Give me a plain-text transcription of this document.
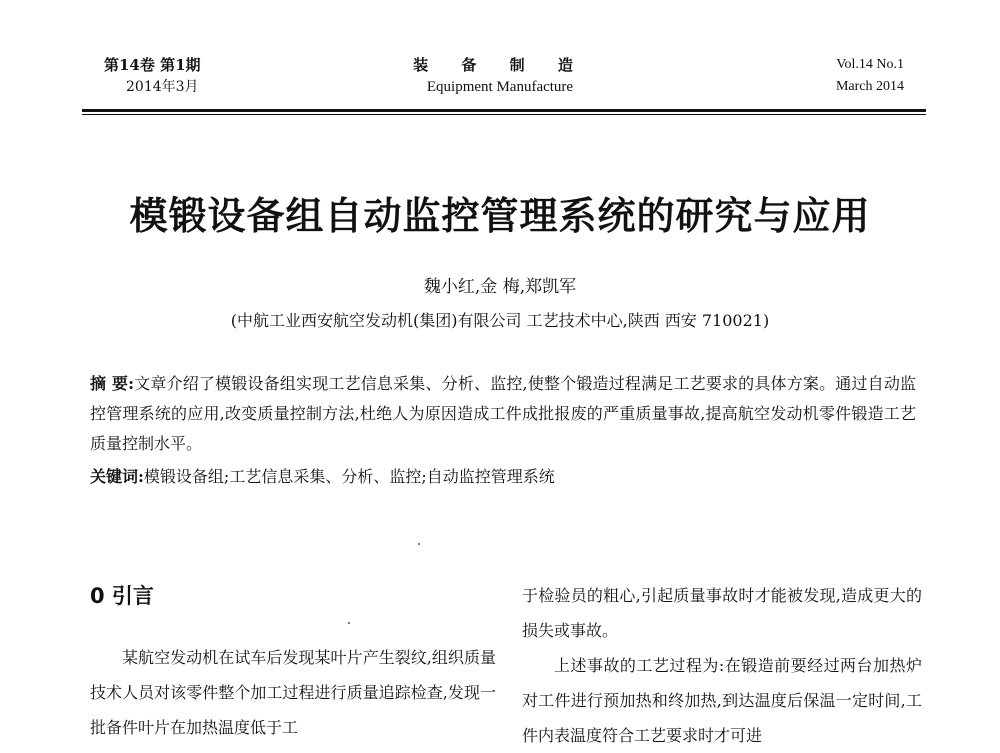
第14卷 第1期
2014年3月
装 备 制 造
Equipment Manufacture
Vol.14 No.1
March 2014
模锻设备组自动监控管理系统的研究与应用
魏小红,金 梅,郑凯军
(中航工业西安航空发动机(集团)有限公司 工艺技术中心,陕西 西安 710021)
摘 要:文章介绍了模锻设备组实现工艺信息采集、分析、监控,使整个锻造过程满足工艺要求的具体方案。通过自动监控管理系统的应用,改变质量控制方法,杜绝人为原因造成工件成批报废的严重质量事故,提高航空发动机零件锻造工艺质量控制水平。
关键词:模锻设备组;工艺信息采集、分析、监控;自动监控管理系统
0 引言

某航空发动机在试车后发现某叶片产生裂纹,组织质量技术人员对该零件整个加工过程进行质量追踪检查,发现一批备件叶片在加热温度低于工

于检验员的粗心,引起质量事故时才能被发现,造成更大的损失或事故。

上述事故的工艺过程为:在锻造前要经过两台加热炉对工件进行预加热和终加热,到达温度后保温一定时间,工件内表温度符合工艺要求时才可进
